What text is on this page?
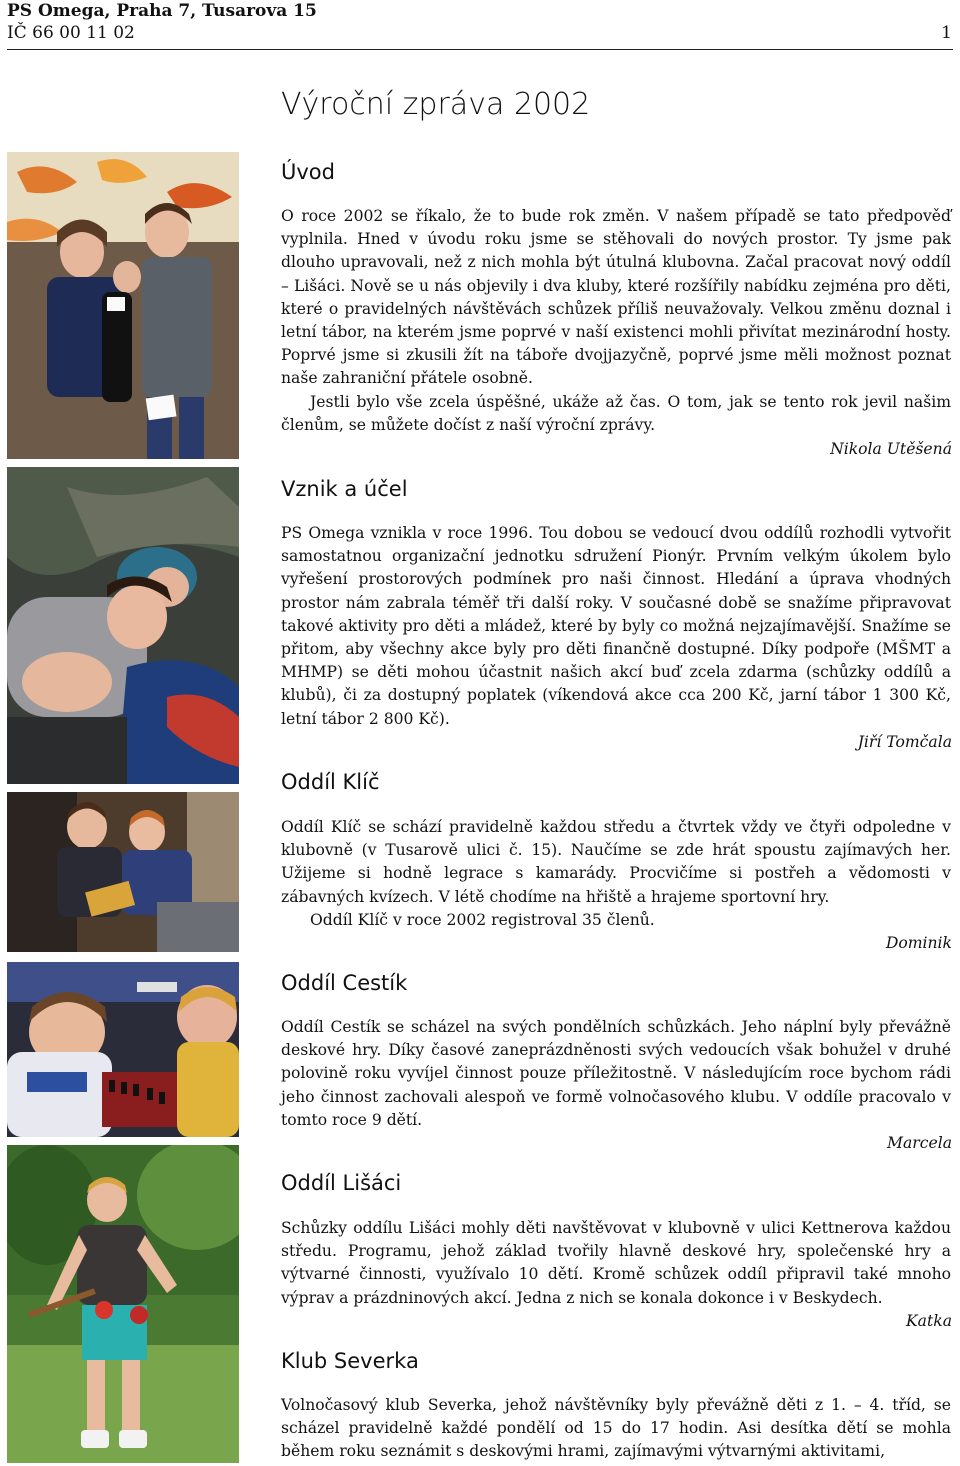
PS Omega, Praha 7, Tusarova 15
IČ 66 00 11 02	1
Výroční zpráva 2002
Úvod

O roce 2002 se říkalo, že to bude rok změn. V našem případě se tato předpověď vyplnila. Hned v úvodu roku jsme se stěhovali do nových prostor. Ty jsme pak dlouho upravovali, než z nich mohla být útulná klubovna. Začal pracovat nový oddíl – Lišáci. Nově se u nás objevily i dva kluby, které rozšířily nabídku zejména pro děti, které o pravidelných návštěvách schůzek příliš neuvažovaly. Velkou změnu doznal i letní tábor, na kterém jsme poprvé v naší existenci mohli přivítat mezinárodní hosty. Poprvé jsme si zkusili žít na táboře dvojjazyčně, poprvé jsme měli možnost poznat naše zahraniční přátele osobně.

Jestli bylo vše zcela úspěšné, ukáže až čas. O tom, jak se tento rok jevil našim členům, se můžete dočíst z naší výroční zprávy.

Nikola Utěšená
Vznik a účel

PS Omega vznikla v roce 1996. Tou dobou se vedoucí dvou oddílů rozhodli vytvořit samostatnou organizační jednotku sdružení Pionýr. Prvním velkým úkolem bylo vyřešení prostorových podmínek pro naši činnost. Hledání a úprava vhodných prostor nám zabrala téměř tři další roky. V současné době se snažíme připravovat takové aktivity pro děti a mládež, které by byly co možná nejzajímavější. Snažíme se přitom, aby všechny akce byly pro děti finančně dostupné. Díky podpoře (MŠMT a MHMP) se děti mohou účastnit našich akcí buď zcela zdarma (schůzky oddílů a klubů), či za dostupný poplatek (víkendová akce cca 200 Kč, jarní tábor 1 300 Kč, letní tábor 2 800 Kč).

Jiří Tomčala
Oddíl Klíč

Oddíl Klíč se schází pravidelně každou středu a čtvrtek vždy ve čtyři odpoledne v klubovně (v Tusarově ulici č. 15). Naučíme se zde hrát spoustu zajímavých her. Užijeme si hodně legrace s kamarády. Procvičíme si postřeh a vědomosti v zábavných kvízech. V létě chodíme na hřiště a hrajeme sportovní hry.

Oddíl Klíč v roce 2002 registroval 35 členů.

Dominik
Oddíl Cestík

Oddíl Cestík se scházel na svých pondělních schůzkách. Jeho náplní byly převážně deskové hry. Díky časové zaneprázdněnosti svých vedoucích však bohužel v druhé polovině roku vyvíjel činnost pouze příležitostně. V následujícím roce bychom rádi jeho činnost zachovali alespoň ve formě volnočasového klubu. V oddíle pracovalo v tomto roce 9 dětí.

Marcela
Oddíl Lišáci

Schůzky oddílu Lišáci mohly děti navštěvovat v klubovně v ulici Kettnerova každou středu. Programu, jehož základ tvořily hlavně deskové hry, společenské hry a výtvarné činnosti, využívalo 10 dětí. Kromě schůzek oddíl připravil také mnoho výprav a prázdninových akcí. Jedna z nich se konala dokonce i v Beskydech.

Katka
Klub Severka

Volnočasový klub Severka, jehož návštěvníky byly převážně děti z 1. – 4. tříd, se scházel pravidelně každé pondělí od 15 do 17 hodin. Asi desítka dětí se mohla během roku seznámit s deskovými hrami, zajímavými výtvarnými aktivitami,
